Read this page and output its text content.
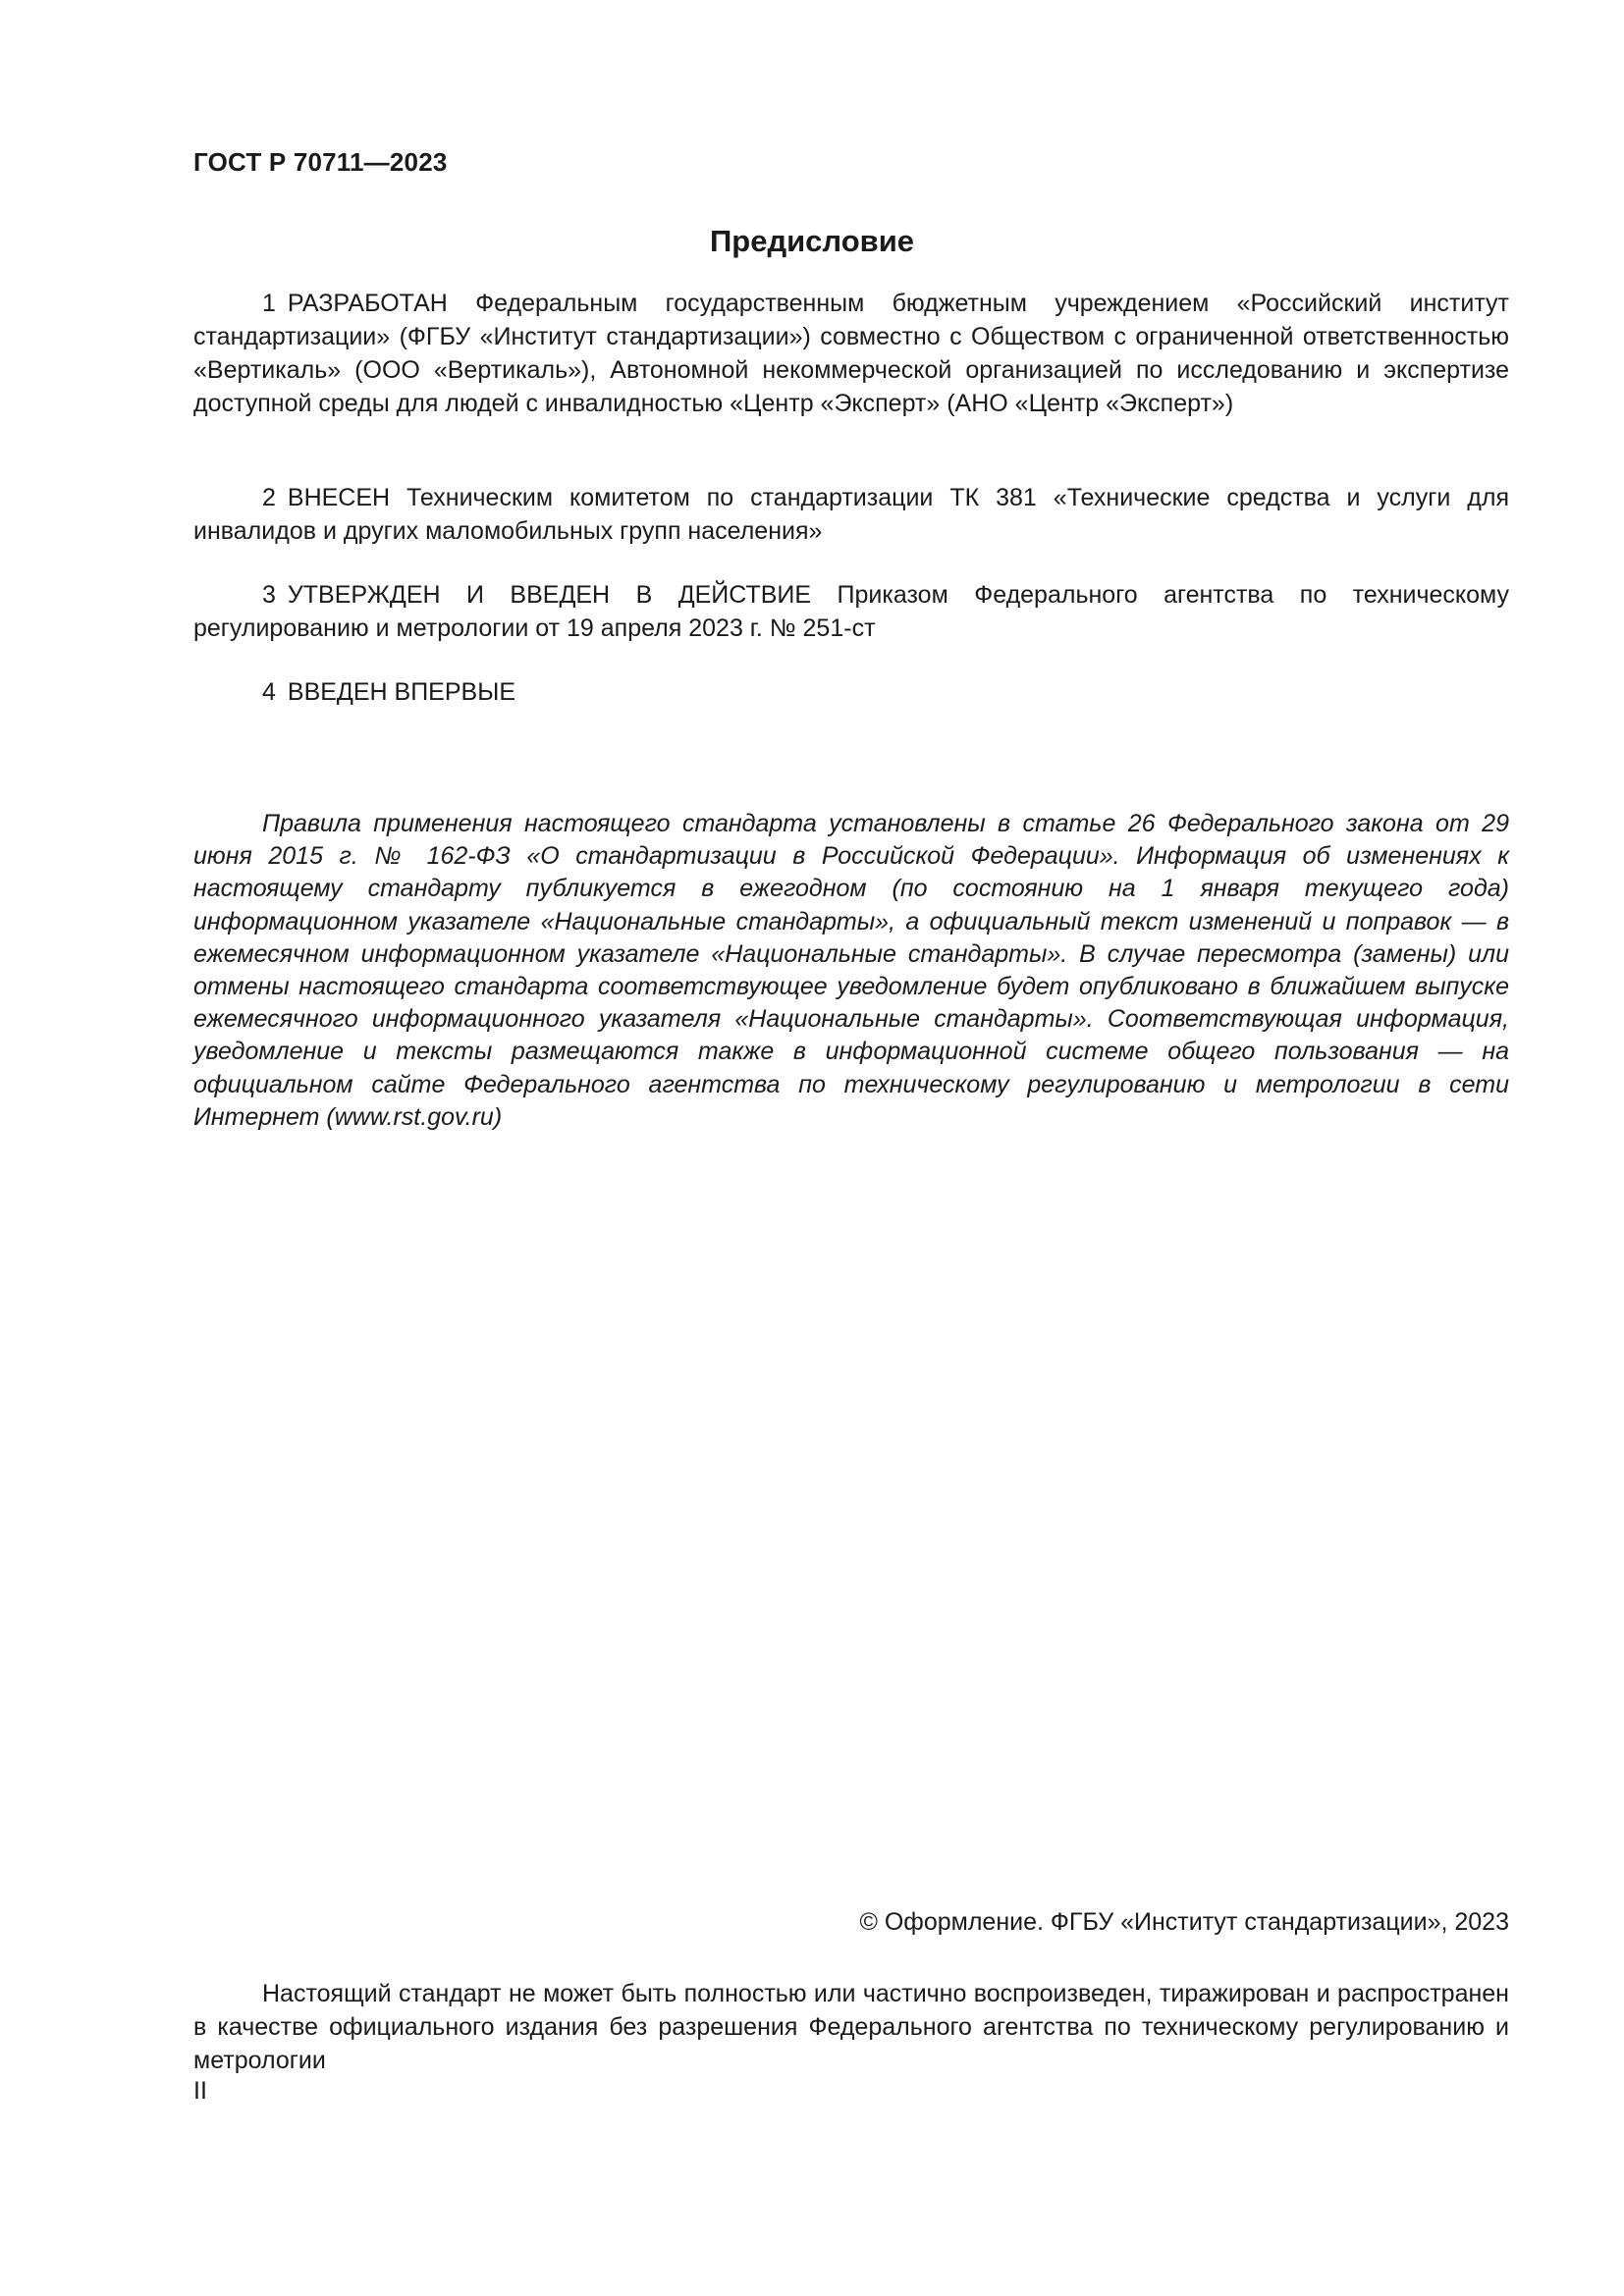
ГОСТ Р 70711—2023
Предисловие
1 РАЗРАБОТАН Федеральным государственным бюджетным учреждением «Российский институт стандартизации» (ФГБУ «Институт стандартизации») совместно с Обществом с ограниченной ответственностью «Вертикаль» (ООО «Вертикаль»), Автономной некоммерческой организацией по исследованию и экспертизе доступной среды для людей с инвалидностью «Центр «Эксперт» (АНО «Центр «Эксперт»)
2 ВНЕСЕН Техническим комитетом по стандартизации ТК 381 «Технические средства и услуги для инвалидов и других маломобильных групп населения»
3 УТВЕРЖДЕН И ВВЕДЕН В ДЕЙСТВИЕ Приказом Федерального агентства по техническому регулированию и метрологии от 19 апреля 2023 г. № 251-ст
4 ВВЕДЕН ВПЕРВЫЕ
Правила применения настоящего стандарта установлены в статье 26 Федерального закона от 29 июня 2015 г. № 162-ФЗ «О стандартизации в Российской Федерации». Информация об изменениях к настоящему стандарту публикуется в ежегодном (по состоянию на 1 января текущего года) информационном указателе «Национальные стандарты», а официальный текст изменений и поправок — в ежемесячном информационном указателе «Национальные стандарты». В случае пересмотра (замены) или отмены настоящего стандарта соответствующее уведомление будет опубликовано в ближайшем выпуске ежемесячного информационного указателя «Национальные стандарты». Соответствующая информация, уведомление и тексты размещаются также в информационной системе общего пользования — на официальном сайте Федерального агентства по техническому регулированию и метрологии в сети Интернет (www.rst.gov.ru)
© Оформление. ФГБУ «Институт стандартизации», 2023
Настоящий стандарт не может быть полностью или частично воспроизведен, тиражирован и распространен в качестве официального издания без разрешения Федерального агентства по техническому регулированию и метрологии
II
